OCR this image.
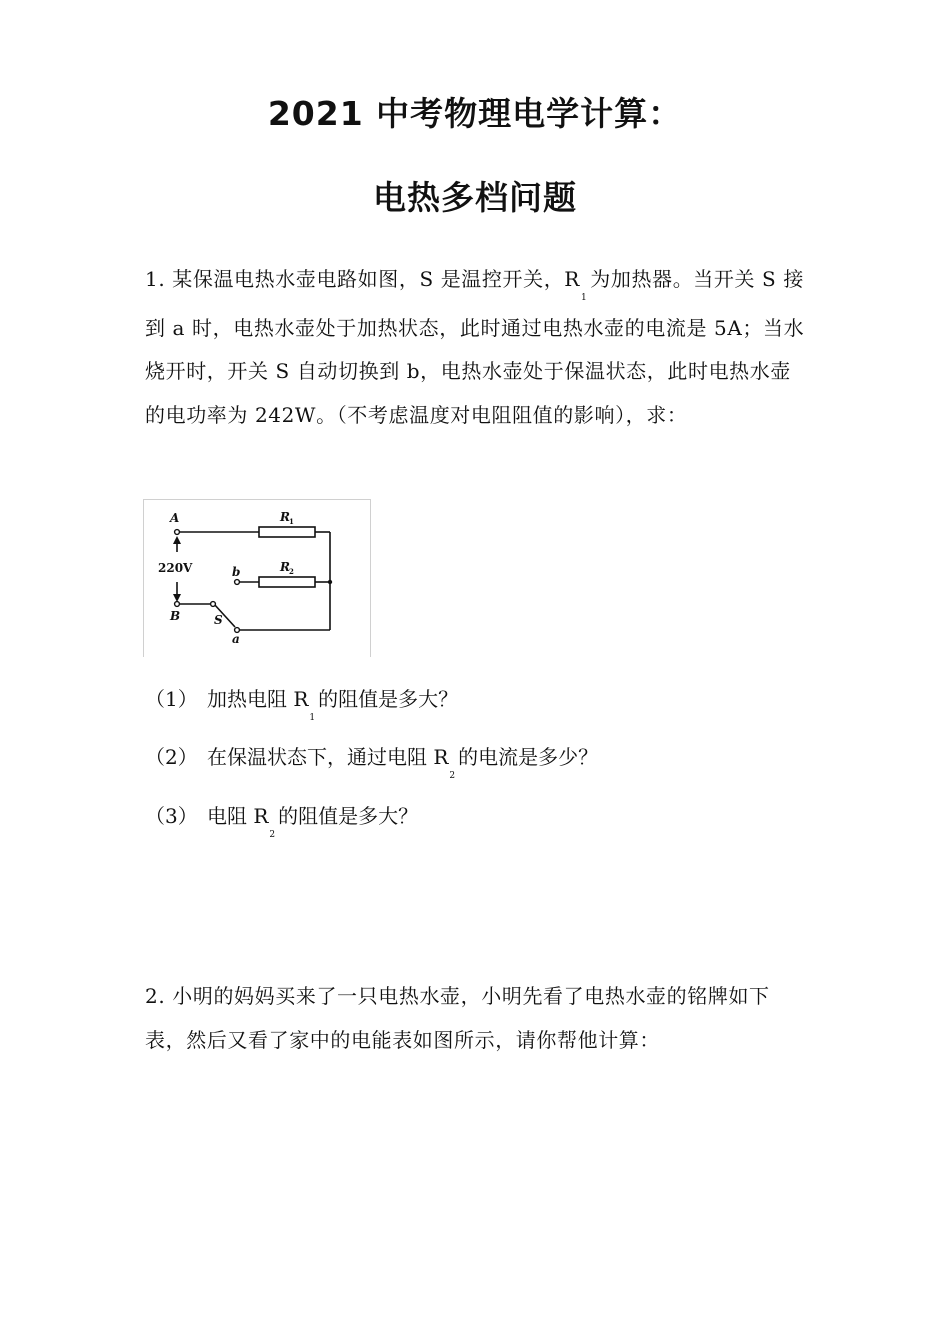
2021 中考物理电学计算：
电热多档问题

1. 某保温电热水壶电路如图，S 是温控开关，$R_1$为加热器。当开关 S 接到 a 时，电热水壶处于加热状态，此时通过电热水壶的电流是 5A；当水烧开时，开关 S 自动切换到 b，电热水壶处于保温状态，此时电热水壶的电功率为 242W。（不考虑温度对电阻阻值的影响），求：

A
B
220V
R 1
R 2
b
S
a

（1） 加热电阻 $R_1$的阻值是多大？

（2） 在保温状态下，通过电阻 $R_2$的电流是多少？

（3） 电阻 $R_2$的阻值是多大？

2. 小明的妈妈买来了一只电热水壶，小明先看了电热水壶的铭牌如下表，然后又看了家中的电能表如图所示，请你帮他计算：
